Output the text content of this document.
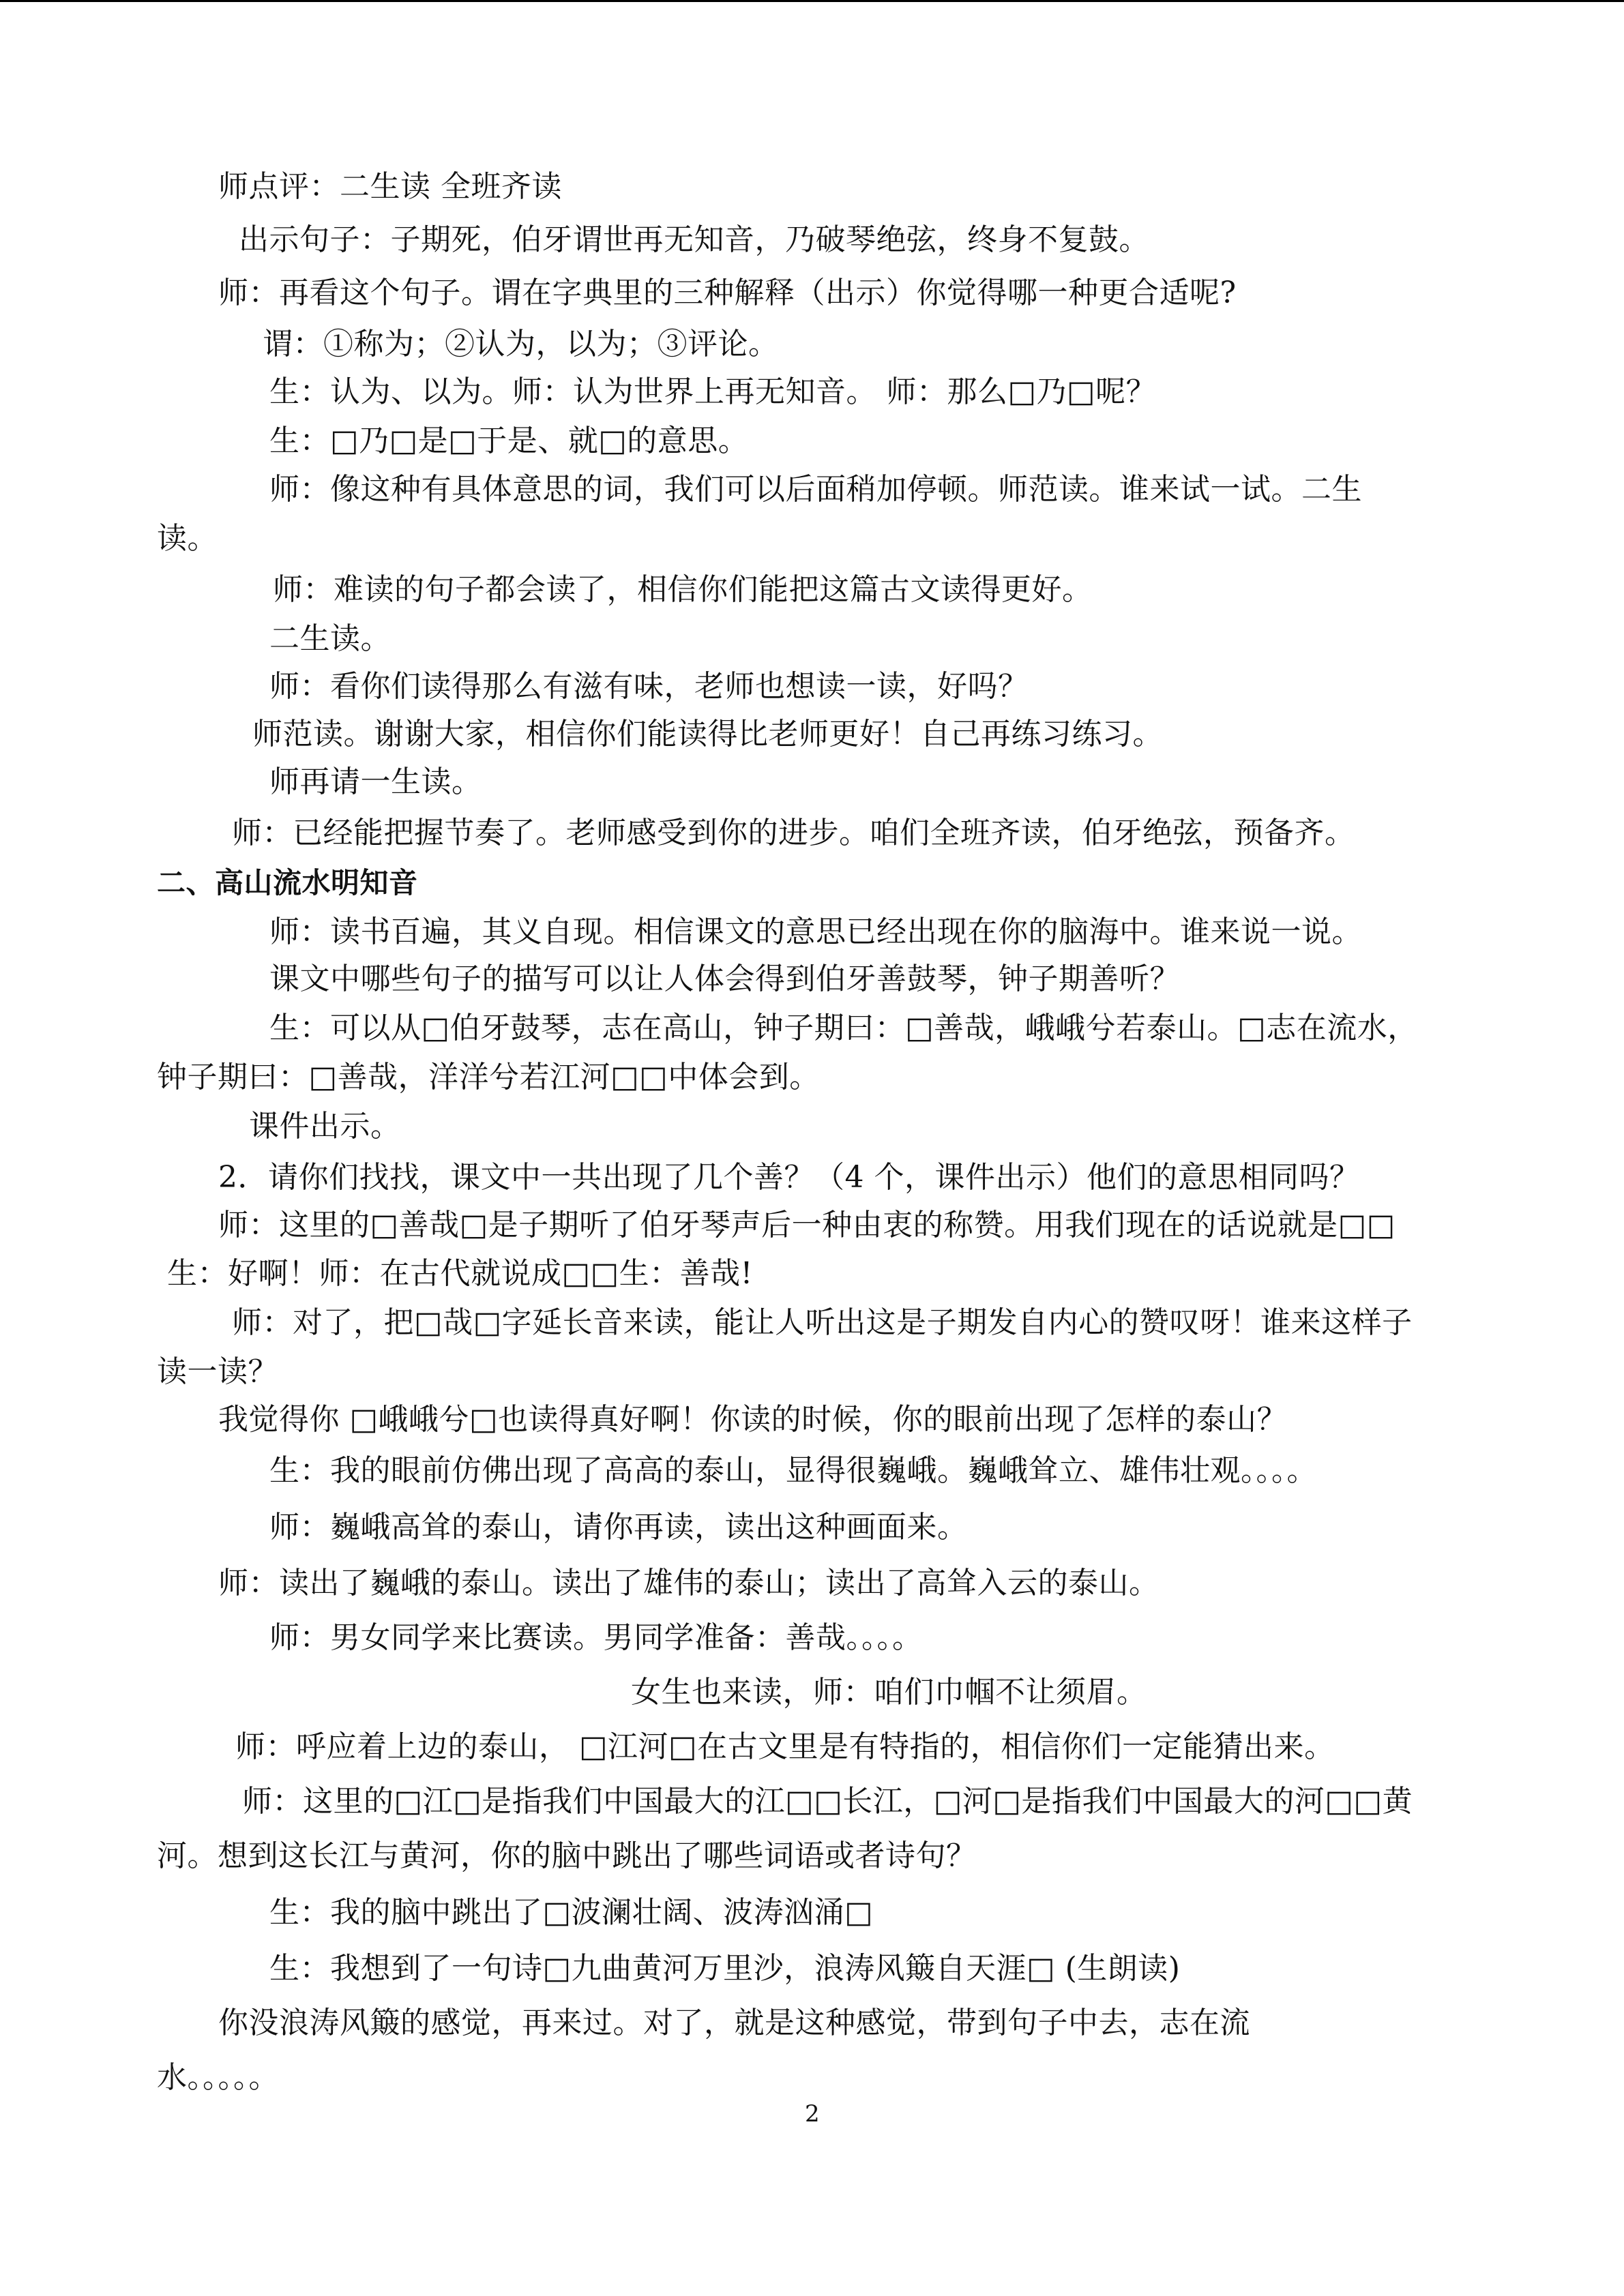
师点评：二生读 全班齐读
出示句子：子期死，伯牙谓世再无知音，乃破琴绝弦，终身不复鼓。
师：再看这个句子。谓在字典里的三种解释（出示）你觉得哪一种更合适呢?
谓：①称为；②认为，以为；③评论。
生：认为、以为。师：认为世界上再无知音。 师：那么□乃□呢？
生：□乃□是□于是、就□的意思。
师：像这种有具体意思的词，我们可以后面稍加停顿。师范读。谁来试一试。二生
读。
师：难读的句子都会读了，相信你们能把这篇古文读得更好。
二生读。
师：看你们读得那么有滋有味，老师也想读一读，好吗？
师范读。谢谢大家，相信你们能读得比老师更好！自己再练习练习。
师再请一生读。
师：已经能把握节奏了。老师感受到你的进步。咱们全班齐读，伯牙绝弦，预备齐。
二、高山流水明知音
师：读书百遍，其义自现。相信课文的意思已经出现在你的脑海中。谁来说一说。
课文中哪些句子的描写可以让人体会得到伯牙善鼓琴，钟子期善听？
生：可以从□伯牙鼓琴，志在高山，钟子期曰：□善哉，峨峨兮若泰山。□志在流水，
钟子期曰：□善哉，洋洋兮若江河□□中体会到。
课件出示。
2．请你们找找，课文中一共出现了几个善？（4 个，课件出示）他们的意思相同吗？
师：这里的□善哉□是子期听了伯牙琴声后一种由衷的称赞。用我们现在的话说就是□□
生：好啊！师：在古代就说成□□生：善哉!
师：对了，把□哉□字延长音来读，能让人听出这是子期发自内心的赞叹呀！谁来这样子
读一读？
我觉得你 □峨峨兮□也读得真好啊！你读的时候，你的眼前出现了怎样的泰山？
生：我的眼前仿佛出现了高高的泰山，显得很巍峨。巍峨耸立、雄伟壮观。。。。
师：巍峨高耸的泰山，请你再读，读出这种画面来。
师：读出了巍峨的泰山。读出了雄伟的泰山；读出了高耸入云的泰山。
师：男女同学来比赛读。男同学准备：善哉。。。。
女生也来读，师：咱们巾帼不让须眉。
师：呼应着上边的泰山， □江河□在古文里是有特指的，相信你们一定能猜出来。
师：这里的□江□是指我们中国最大的江□□长江，□河□是指我们中国最大的河□□黄
河。想到这长江与黄河，你的脑中跳出了哪些词语或者诗句？
生：我的脑中跳出了□波澜壮阔、波涛汹涌□
生：我想到了一句诗□九曲黄河万里沙，浪涛风簸自天涯□ (生朗读)
你没浪涛风簸的感觉，再来过。对了，就是这种感觉，带到句子中去，志在流
水。。。。。
2
